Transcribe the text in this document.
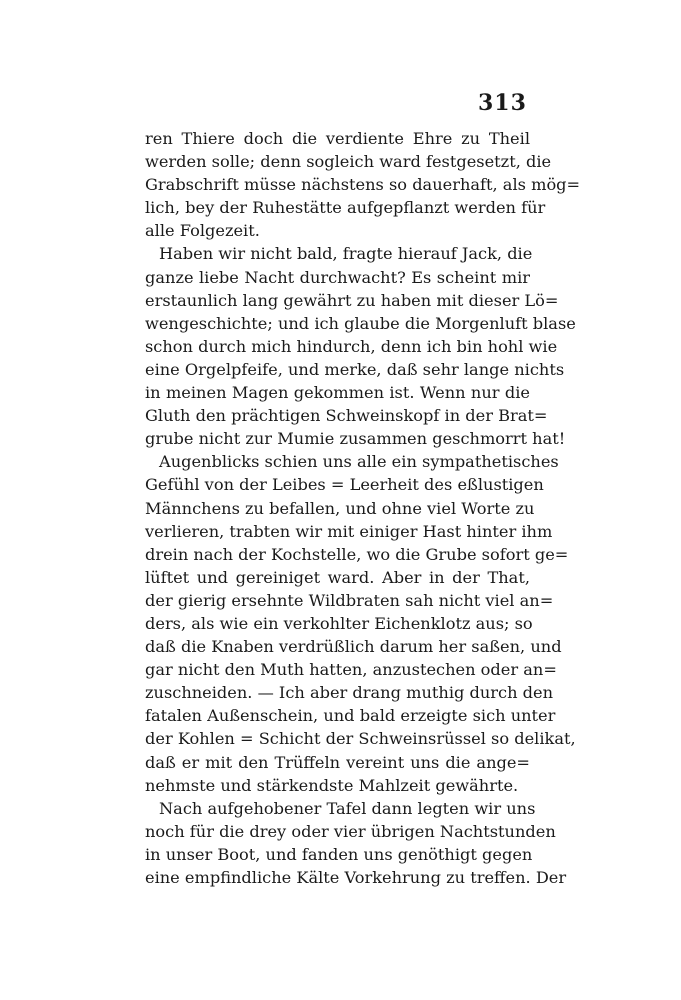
313
ren Thiere doch die verdiente Ehre zu Theil
werden solle; denn sogleich ward festgesetzt, die
Grabschrift müsse nächstens so dauerhaft, als mög=
lich, bey der Ruhestätte aufgepflanzt werden für
alle Folgezeit.
Haben wir nicht bald, fragte hierauf Jack, die
ganze liebe Nacht durchwacht? Es scheint mir
erstaunlich lang gewährt zu haben mit dieser Lö=
wengeschichte; und ich glaube die Morgenluft blase
schon durch mich hindurch, denn ich bin hohl wie
eine Orgelpfeife, und merke, daß sehr lange nichts
in meinen Magen gekommen ist. Wenn nur die
Gluth den prächtigen Schweinskopf in der Brat=
grube nicht zur Mumie zusammen geschmorrt hat!
Augenblicks schien uns alle ein sympathetisches
Gefühl von der Leibes = Leerheit des eßlustigen
Männchens zu befallen, und ohne viel Worte zu
verlieren, trabten wir mit einiger Hast hinter ihm
drein nach der Kochstelle, wo die Grube sofort ge=
lüftet und gereiniget ward. Aber in der That,
der gierig ersehnte Wildbraten sah nicht viel an=
ders, als wie ein verkohlter Eichenklotz aus; so
daß die Knaben verdrüßlich darum her saßen, und
gar nicht den Muth hatten, anzustechen oder an=
zuschneiden. — Ich aber drang muthig durch den
fatalen Außenschein, und bald erzeigte sich unter
der Kohlen = Schicht der Schweinsrüssel so delikat,
daß er mit den Trüffeln vereint uns die ange=
nehmste und stärkendste Mahlzeit gewährte.
Nach aufgehobener Tafel dann legten wir uns
noch für die drey oder vier übrigen Nachtstunden
in unser Boot, und fanden uns genöthigt gegen
eine empfindliche Kälte Vorkehrung zu treffen. Der
